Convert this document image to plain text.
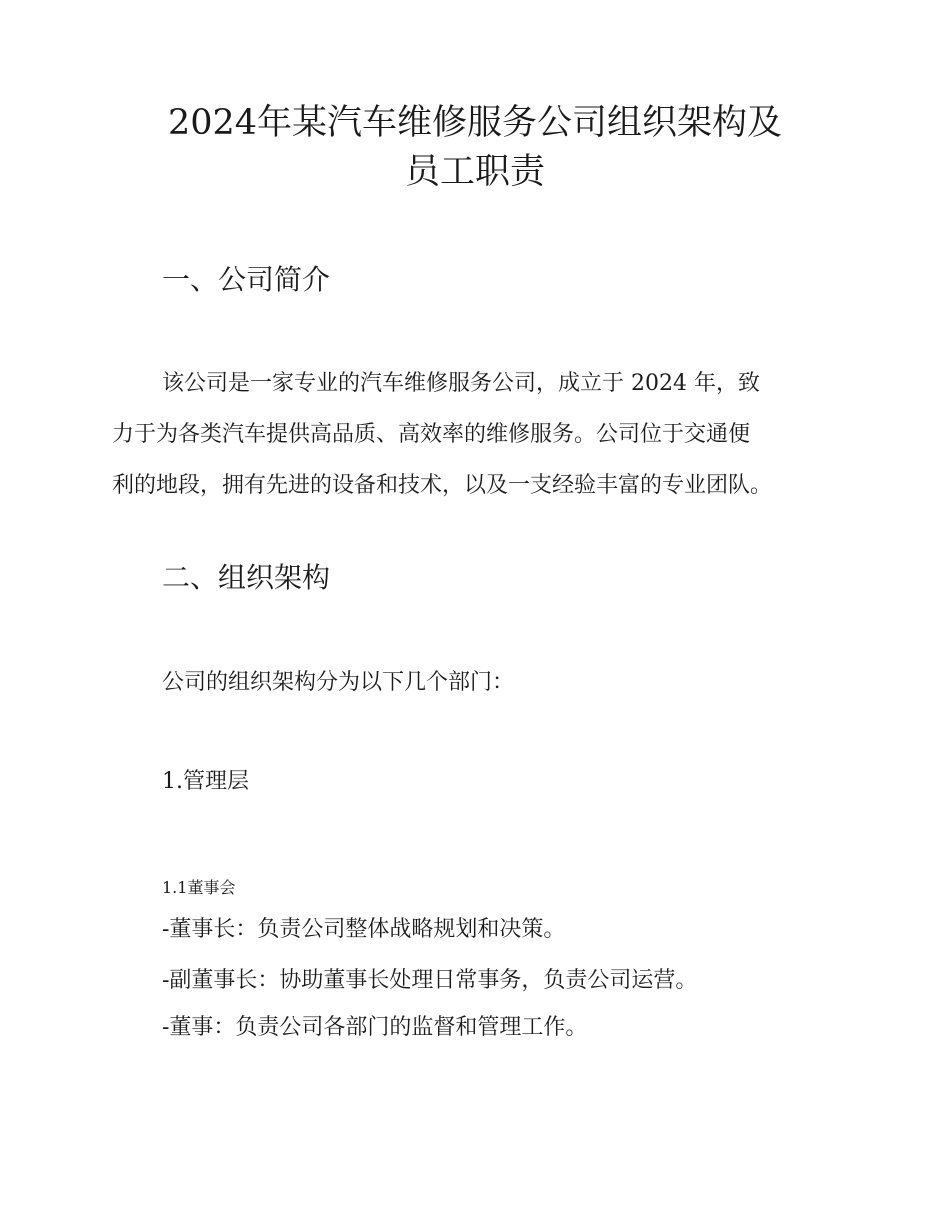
2024年某汽车维修服务公司组织架构及
员工职责
一、公司简介

该公司是一家专业的汽车维修服务公司，成立于 2024 年，致

力于为各类汽车提供高品质、高效率的维修服务。公司位于交通便

利的地段，拥有先进的设备和技术，以及一支经验丰富的专业团队。

二、组织架构

公司的组织架构分为以下几个部门：

1.管理层

1.1董事会

-董事长：负责公司整体战略规划和决策。

-副董事长：协助董事长处理日常事务，负责公司运营。

-董事：负责公司各部门的监督和管理工作。
